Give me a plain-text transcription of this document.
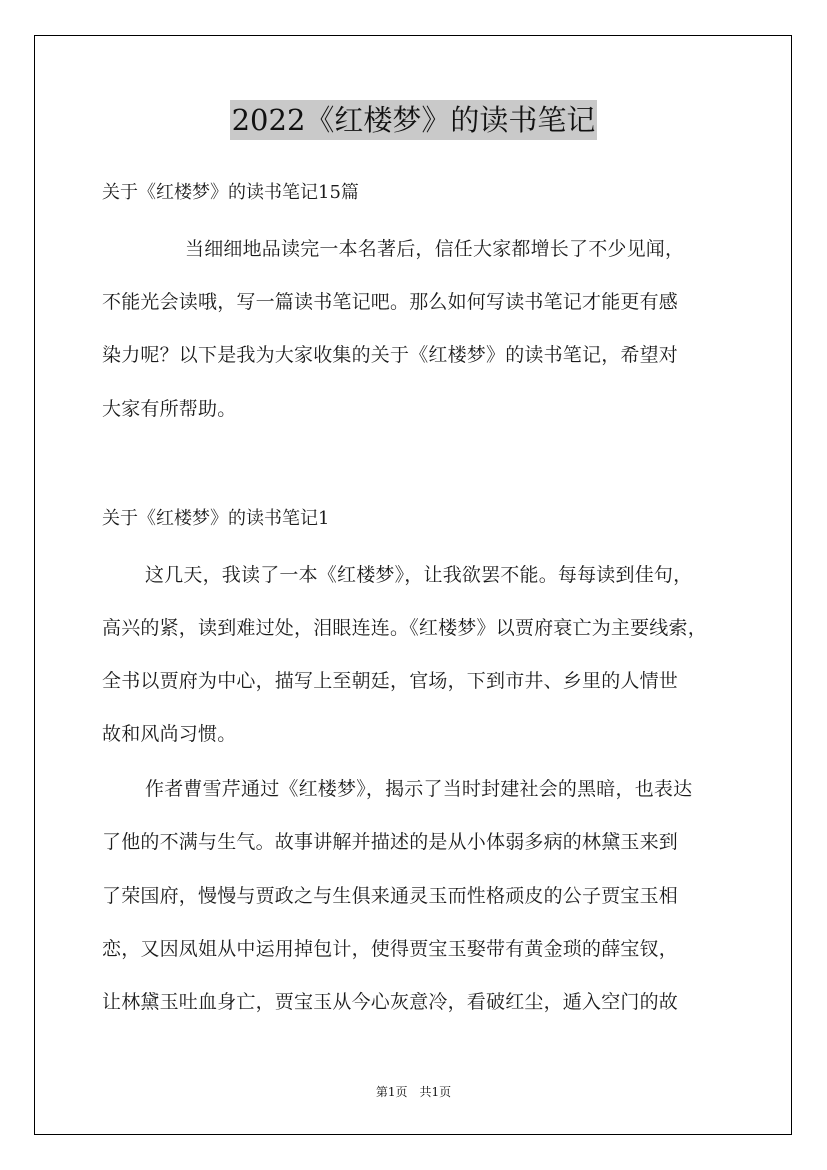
2022《红楼梦》的读书笔记
关于《红楼梦》的读书笔记15篇
当细细地品读完一本名著后，信任大家都增长了不少见闻，
不能光会读哦，写一篇读书笔记吧。那么如何写读书笔记才能更有感
染力呢？以下是我为大家收集的关于《红楼梦》的读书笔记，希望对
大家有所帮助。
关于《红楼梦》的读书笔记1
这几天，我读了一本《红楼梦》，让我欲罢不能。每每读到佳句，
高兴的紧，读到难过处，泪眼连连。《红楼梦》以贾府衰亡为主要线索，
全书以贾府为中心，描写上至朝廷，官场，下到市井、乡里的人情世
故和风尚习惯。
作者曹雪芹通过《红楼梦》，揭示了当时封建社会的黑暗，也表达
了他的不满与生气。故事讲解并描述的是从小体弱多病的林黛玉来到
了荣国府，慢慢与贾政之与生俱来通灵玉而性格顽皮的公子贾宝玉相
恋，又因凤姐从中运用掉包计，使得贾宝玉娶带有黄金琐的薛宝钗，
让林黛玉吐血身亡，贾宝玉从今心灰意冷，看破红尘，遁入空门的故
第1页　共1页
